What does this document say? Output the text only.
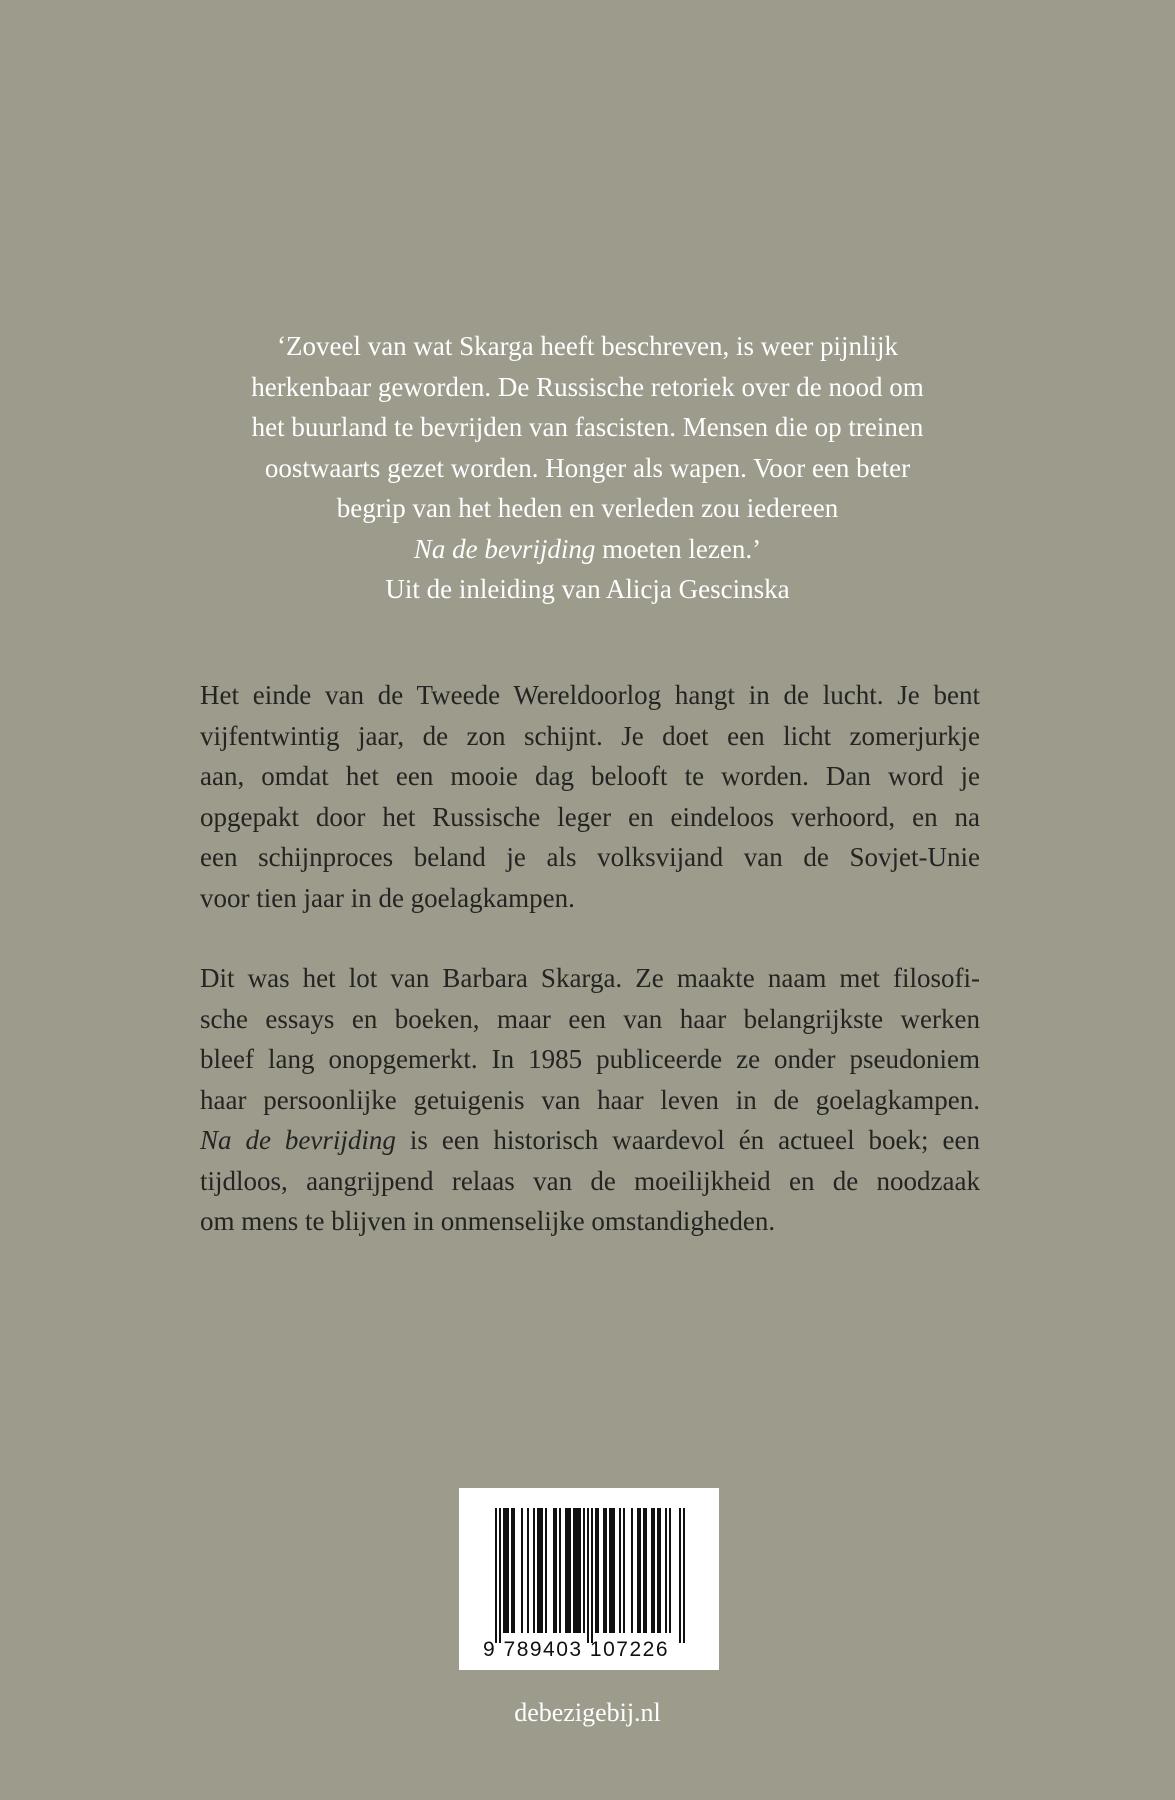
‘Zoveel van wat Skarga heeft beschreven, is weer pijnlijk
herkenbaar geworden. De Russische retoriek over de nood om
het buurland te bevrijden van fascisten. Mensen die op treinen
oostwaarts gezet worden. Honger als wapen. Voor een beter
begrip van het heden en verleden zou iedereen
Na de bevrijding moeten lezen.’
Uit de inleiding van Alicja Gescinska
Het einde van de Tweede Wereldoorlog hangt in de lucht. Je bent
vijfentwintig jaar, de zon schijnt. Je doet een licht zomerjurkje
aan, omdat het een mooie dag belooft te worden. Dan word je
opgepakt door het Russische leger en eindeloos verhoord, en na
een schijnproces beland je als volksvijand van de Sovjet-Unie
voor tien jaar in de goelagkampen.
Dit was het lot van Barbara Skarga. Ze maakte naam met filosofi-
sche essays en boeken, maar een van haar belangrijkste werken
bleef lang onopgemerkt. In 1985 publiceerde ze onder pseudoniem
haar persoonlijke getuigenis van haar leven in de goelagkampen.
Na de bevrijding is een historisch waardevol én actueel boek; een
tijdloos, aangrijpend relaas van de moeilijkheid en de noodzaak
om mens te blijven in onmenselijke omstandigheden.
9 789403 107226
debezigebij.nl
